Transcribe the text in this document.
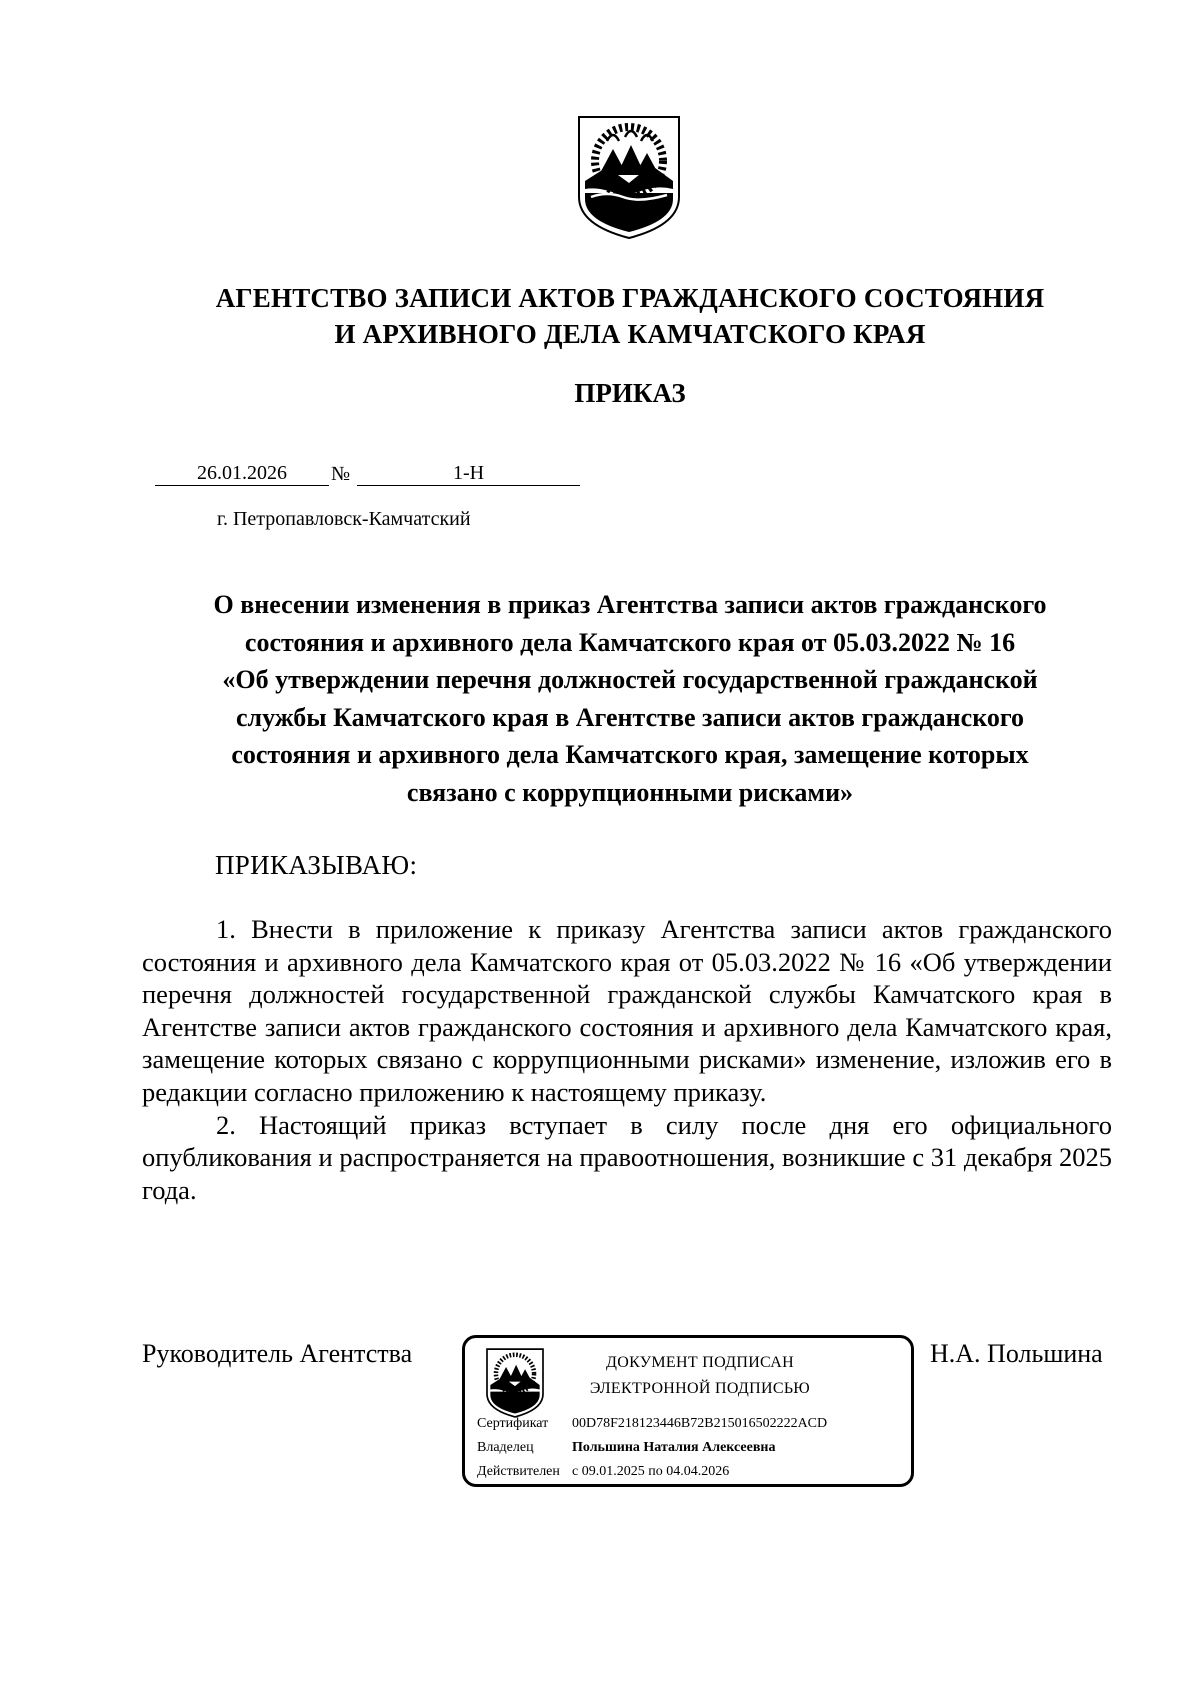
АГЕНТСТВО ЗАПИСИ АКТОВ ГРАЖДАНСКОГО СОСТОЯНИЯ
И АРХИВНОГО ДЕЛА КАМЧАТСКОГО КРАЯ
ПРИКАЗ
26.01.2026	№	1-Н
г. Петропавловск-Камчатский
О внесении изменения в приказ Агентства записи актов гражданского
состояния и архивного дела Камчатского края от 05.03.2022 № 16
«Об утверждении перечня должностей государственной гражданской
службы Камчатского края в Агентстве записи актов гражданского
состояния и архивного дела Камчатского края, замещение которых
связано с коррупционными рисками»
ПРИКАЗЫВАЮ:

1. Внести в приложение к приказу Агентства записи актов гражданского состояния и архивного дела Камчатского края от 05.03.2022 № 16 «Об утверждении перечня должностей государственной гражданской службы Камчатского края в Агентстве записи актов гражданского состояния и архивного дела Камчатского края, замещение которых связано с коррупционными рисками» изменение, изложив его в редакции согласно приложению к настоящему приказу.

2. Настоящий приказ вступает в силу после дня его официального опубликования и распространяется на правоотношения, возникшие с 31 декабря 2025 года.

Руководитель Агентства	ДОКУМЕНТ ПОДПИСАН
ЭЛЕКТРОННОЙ ПОДПИСЬЮ
Сертификат 00D78F218123446B72B215016502222ACD
Владелец	Польшина Наталия Алексеевна
Действителен с 09.01.2025 по 04.04.2026
Н.А. Польшина
